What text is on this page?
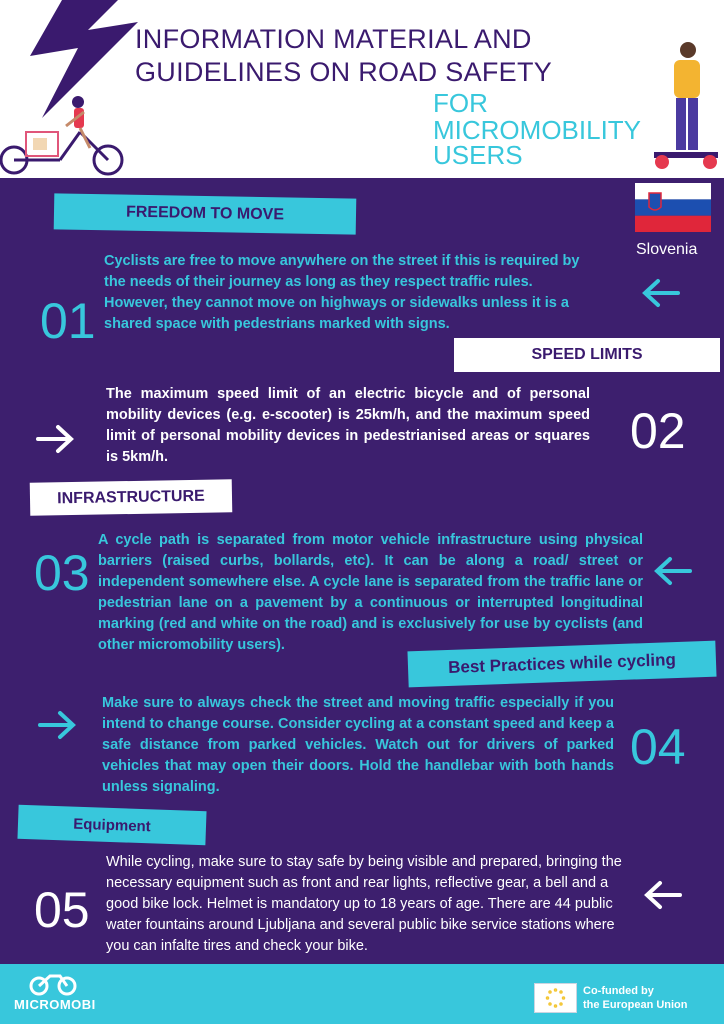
INFORMATION MATERIAL AND
GUIDELINES ON ROAD SAFETY
FOR
MICROMOBILITY
USERS
Slovenia
FREEDOM TO MOVE
Cyclists are free to move anywhere on the street if this is required by the needs of their journey as long as they respect traffic rules. However, they cannot move on highways or sidewalks unless it is a shared space with pedestrians marked with signs.
01
SPEED LIMITS
The maximum speed limit of an electric bicycle and of personal mobility devices (e.g. e-scooter) is 25km/h, and the maximum speed limit of personal mobility devices in pedestrianised areas or squares is 5km/h.	02
INFRASTRUCTURE
A cycle path is separated from motor vehicle infrastructure using physical barriers (raised curbs, bollards, etc). It can be along a road/ street or independent somewhere else. A cycle lane is separated from the traffic lane or pedestrian lane on a pavement by a continuous or interrupted longitudinal marking (red and white on the road) and is exclusively for use by cyclists (and other micromobility users).
03
Best Practices while cycling
Make sure to always check the street and moving traffic especially if you intend to change course. Consider cycling at a constant speed and keep a safe distance from parked vehicles. Watch out for drivers of parked vehicles that may open their doors. Hold the handlebar with both hands unless signaling.
04
Equipment
While cycling, make sure to stay safe by being visible and prepared, bringing the necessary equipment such as front and rear lights, reflective gear, a bell and a good bike lock. Helmet is mandatory up to 18 years of age. There are 44 public water fountains around Ljubljana and several public bike service stations where you can infalte tires and check your bike.
05
MICROMOBI
Co-funded by
the European Union
